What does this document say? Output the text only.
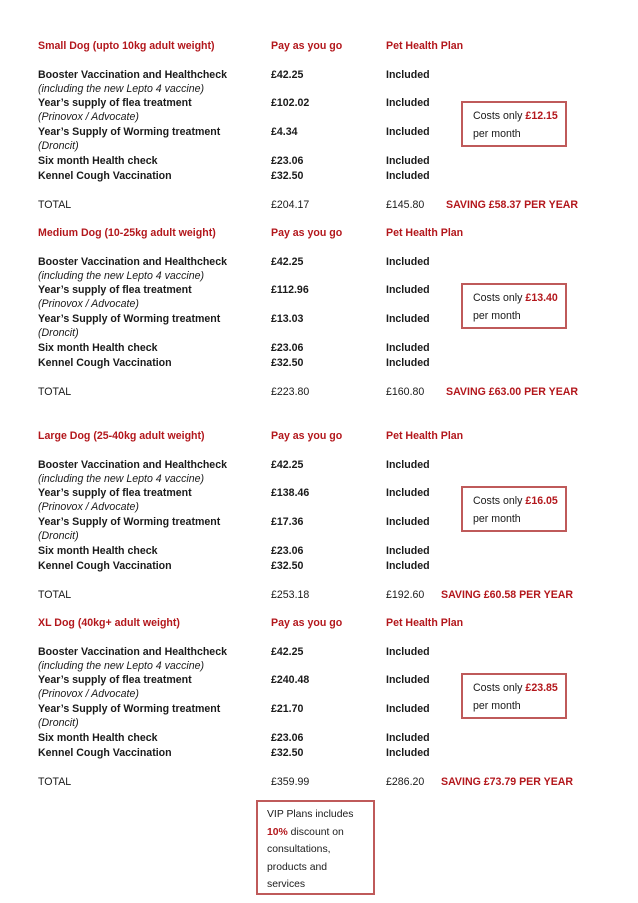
Small Dog (upto 10kg adult weight)	Pay as you go	Pet Health Plan
Booster Vaccination and Healthcheck	£42.25	Included
(including the new Lepto 4 vaccine)
Year’s supply of flea treatment	£102.02	Included
(Prinovox / Advocate)
Year’s Supply of Worming treatment	£4.34	Included
(Droncit)
Six month Health check	£23.06	Included
Kennel Cough Vaccination	£32.50	Included
TOTAL	£204.17	£145.80 SAVING £58.37 PER YEAR
Costs only £12.15
per month
Medium Dog (10-25kg adult weight)	Pay as you go	Pet Health Plan
Booster Vaccination and Healthcheck	£42.25	Included
(including the new Lepto 4 vaccine)
Year’s supply of flea treatment	£112.96	Included
(Prinovox / Advocate)
Year’s Supply of Worming treatment	£13.03	Included
(Droncit)
Six month Health check	£23.06	Included
Kennel Cough Vaccination	£32.50	Included
TOTAL	£223.80	£160.80 SAVING £63.00 PER YEAR
Costs only £13.40
per month
Large Dog (25-40kg adult weight)	Pay as you go	Pet Health Plan
Booster Vaccination and Healthcheck	£42.25	Included
(including the new Lepto 4 vaccine)
Year’s supply of flea treatment	£138.46	Included
(Prinovox / Advocate)
Year’s Supply of Worming treatment	£17.36	Included
(Droncit)
Six month Health check	£23.06	Included
Kennel Cough Vaccination	£32.50	Included
TOTAL	£253.18	£192.60 SAVING £60.58 PER YEAR
Costs only £16.05
per month
XL Dog (40kg+ adult weight)	Pay as you go	Pet Health Plan
Booster Vaccination and Healthcheck	£42.25	Included
(including the new Lepto 4 vaccine)
Year’s supply of flea treatment	£240.48	Included
(Prinovox / Advocate)
Year’s Supply of Worming treatment	£21.70	Included
(Droncit)
Six month Health check	£23.06	Included
Kennel Cough Vaccination	£32.50	Included
TOTAL	£359.99	£286.20 SAVING £73.79 PER YEAR
Costs only £23.85
per month
VIP Plans includes
10% discount on
consultations,
products and
services
